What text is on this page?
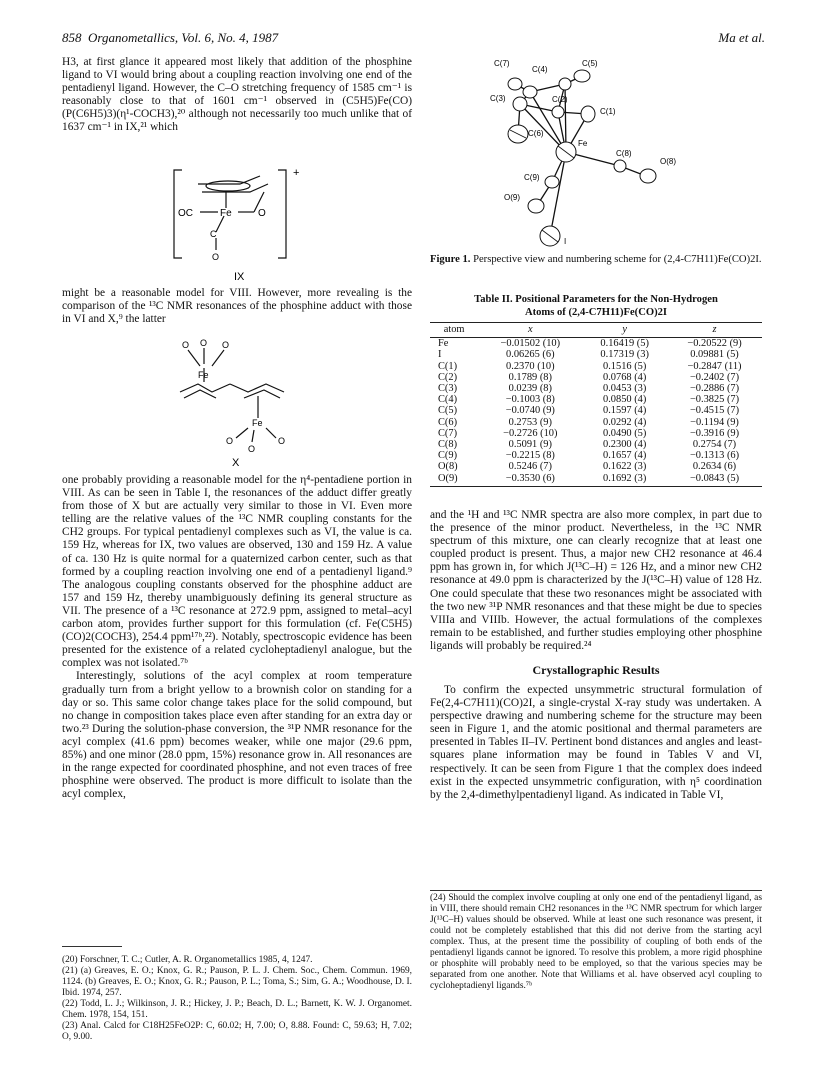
858 Organometallics, Vol. 6, No. 4, 1987	Ma et al.

H3, at first glance it appeared most likely that addition of the phosphine ligand to VI would bring about a coupling reaction involving one end of the pentadienyl ligand. However, the C–O stretching frequency of 1585 cm⁻¹ is reasonably close to that of 1601 cm⁻¹ observed in (C5H5)Fe(CO)(P(C6H5)3)(η¹-COCH3),²⁰ although not necessarily too much unlike that of 1637 cm⁻¹ in IX,²¹ which

+
OC	Fe	O
C
O
IX

might be a reasonable model for VIII. However, more revealing is the comparison of the ¹³C NMR resonances of the phosphine adduct with those in VI and X,⁹ the latter

O O O
Fe
Fe
O
O
O
X

one probably providing a reasonable model for the η⁴-pentadiene portion in VIII. As can be seen in Table I, the resonances of the adduct differ greatly from those of X but are actually very similar to those in VI. Even more telling are the relative values of the ¹³C NMR coupling constants for the CH2 groups. For typical pentadienyl complexes such as VI, the value is ca. 159 Hz, whereas for IX, two values are observed, 130 and 159 Hz. A value of ca. 130 Hz is quite normal for a quaternized carbon center, such as that formed by a coupling reaction involving one end of a pentadienyl ligand.⁹ The analogous coupling constants observed for the phosphine adduct are 157 and 159 Hz, thereby unambiguously defining its general structure as VII. The presence of a ¹³C resonance at 272.9 ppm, assigned to metal–acyl carbon atom, provides further support for this formulation (cf. Fe(C5H5)(CO)2(COCH3), 254.4 ppm¹⁷ᵇ,²²). Notably, spectroscopic evidence has been presented for the existence of a related cycloheptadienyl analogue, but the complex was not isolated.⁷ᵇ

Interestingly, solutions of the acyl complex at room temperature gradually turn from a bright yellow to a brownish color on standing for a day or so. This same color change takes place for the solid compound, but no change in composition takes place even after standing for an extra day or two.²³ During the solution-phase conversion, the ³¹P NMR resonance for the acyl complex (41.6 ppm) becomes weaker, while one major (29.6 ppm, 85%) and one minor (28.0 ppm, 15%) resonance grow in. All resonances are in the range expected for coordinated phosphine, and not even traces of free phosphine were observed. The product is more difficult to isolate than the acyl complex,

(20) Forschner, T. C.; Cutler, A. R. Organometallics 1985, 4, 1247.

(21) (a) Greaves, E. O.; Knox, G. R.; Pauson, P. L. J. Chem. Soc., Chem. Commun. 1969, 1124. (b) Greaves, E. O.; Knox, G. R.; Pauson, P. L.; Toma, S.; Sim, G. A.; Woodhouse, D. I. Ibid. 1974, 257.

(22) Todd, L. J.; Wilkinson, J. R.; Hickey, J. P.; Beach, D. L.; Barnett, K. W. J. Organomet. Chem. 1978, 154, 151.

(23) Anal. Calcd for C18H25FeO2P: C, 60.02; H, 7.00; O, 8.88. Found: C, 59.63; H, 7.02; O, 9.00.

C(7)
C(4)
C(5)
C(3)	C(2)
C(1)
C(6)
Fe
C(8)
O(8)
C(9)
O(9)
I
Figure 1. Perspective view and numbering scheme for (2,4-C7H11)Fe(CO)2I.
Table II. Positional Parameters for the Non-Hydrogen
Atoms of (2,4-C7H11)Fe(CO)2I
atom	x	y	z
Fe	−0.01502 (10)	0.16419 (5)	−0.20522 (9)
I	0.06265 (6)	0.17319 (3)	0.09881 (5)
C(1)	0.2370 (10)	0.1516 (5)	−0.2847 (11)
C(2)	0.1789 (8)	0.0768 (4)	−0.2402 (7)
C(3)	0.0239 (8)	0.0453 (3)	−0.2886 (7)
C(4)	−0.1003 (8)	0.0850 (4)	−0.3825 (7)
C(5)	−0.0740 (9)	0.1597 (4)	−0.4515 (7)
C(6)	0.2753 (9)	0.0292 (4)	−0.1194 (9)
C(7)	−0.2726 (10)	0.0490 (5)	−0.3916 (9)
C(8)	0.5091 (9)	0.2300 (4)	0.2754 (7)
C(9)	−0.2215 (8)	0.1657 (4)	−0.1313 (6)
O(8)	0.5246 (7)	0.1622 (3)	0.2634 (6)
O(9)	−0.3530 (6)	0.1692 (3)	−0.0843 (5)

and the ¹H and ¹³C NMR spectra are also more complex, in part due to the presence of the minor product. Nevertheless, in the ¹³C NMR spectrum of this mixture, one can clearly recognize that at least one coupled product is present. Thus, a major new CH2 resonance at 46.4 ppm has grown in, for which J(¹³C–H) = 126 Hz, and a minor new CH2 resonance at 49.0 ppm is characterized by the J(¹³C–H) value of 128 Hz. One could speculate that these two resonances might be associated with the two new ³¹P NMR resonances and that these might be due to species VIIIa and VIIIb. However, the actual formulations of the complexes remain to be established, and further studies employing other phosphine ligands will probably be required.²⁴

Crystallographic Results

To confirm the expected unsymmetric structural formulation of Fe(2,4-C7H11)(CO)2I, a single-crystal X-ray study was undertaken. A perspective drawing and numbering scheme for the structure may been seen in Figure 1, and the atomic positional and thermal parameters are presented in Tables II–IV. Pertinent bond distances and angles and least-squares plane information may be found in Tables V and VI, respectively. It can be seen from Figure 1 that the complex does indeed exist in the expected unsymmetric configuration, with η⁵ coordination by the 2,4-dimethylpentadienyl ligand. As indicated in Table VI,

(24) Should the complex involve coupling at only one end of the pentadienyl ligand, as in VIII, there should remain CH2 resonances in the ¹³C NMR spectrum for which larger J(¹³C–H) values should be observed. While at least one such resonance was present, it could not be completely established that this did not derive from the starting acyl complex. Thus, at the present time the possibility of coupling of both ends of the pentadienyl ligands cannot be ignored. To resolve this problem, a more rigid phosphine or phosphite will probably need to be employed, so that the various species may be separated from one another. Note that Williams et al. have observed acyl coupling to cycloheptadienyl ligands.⁷ᵇ
